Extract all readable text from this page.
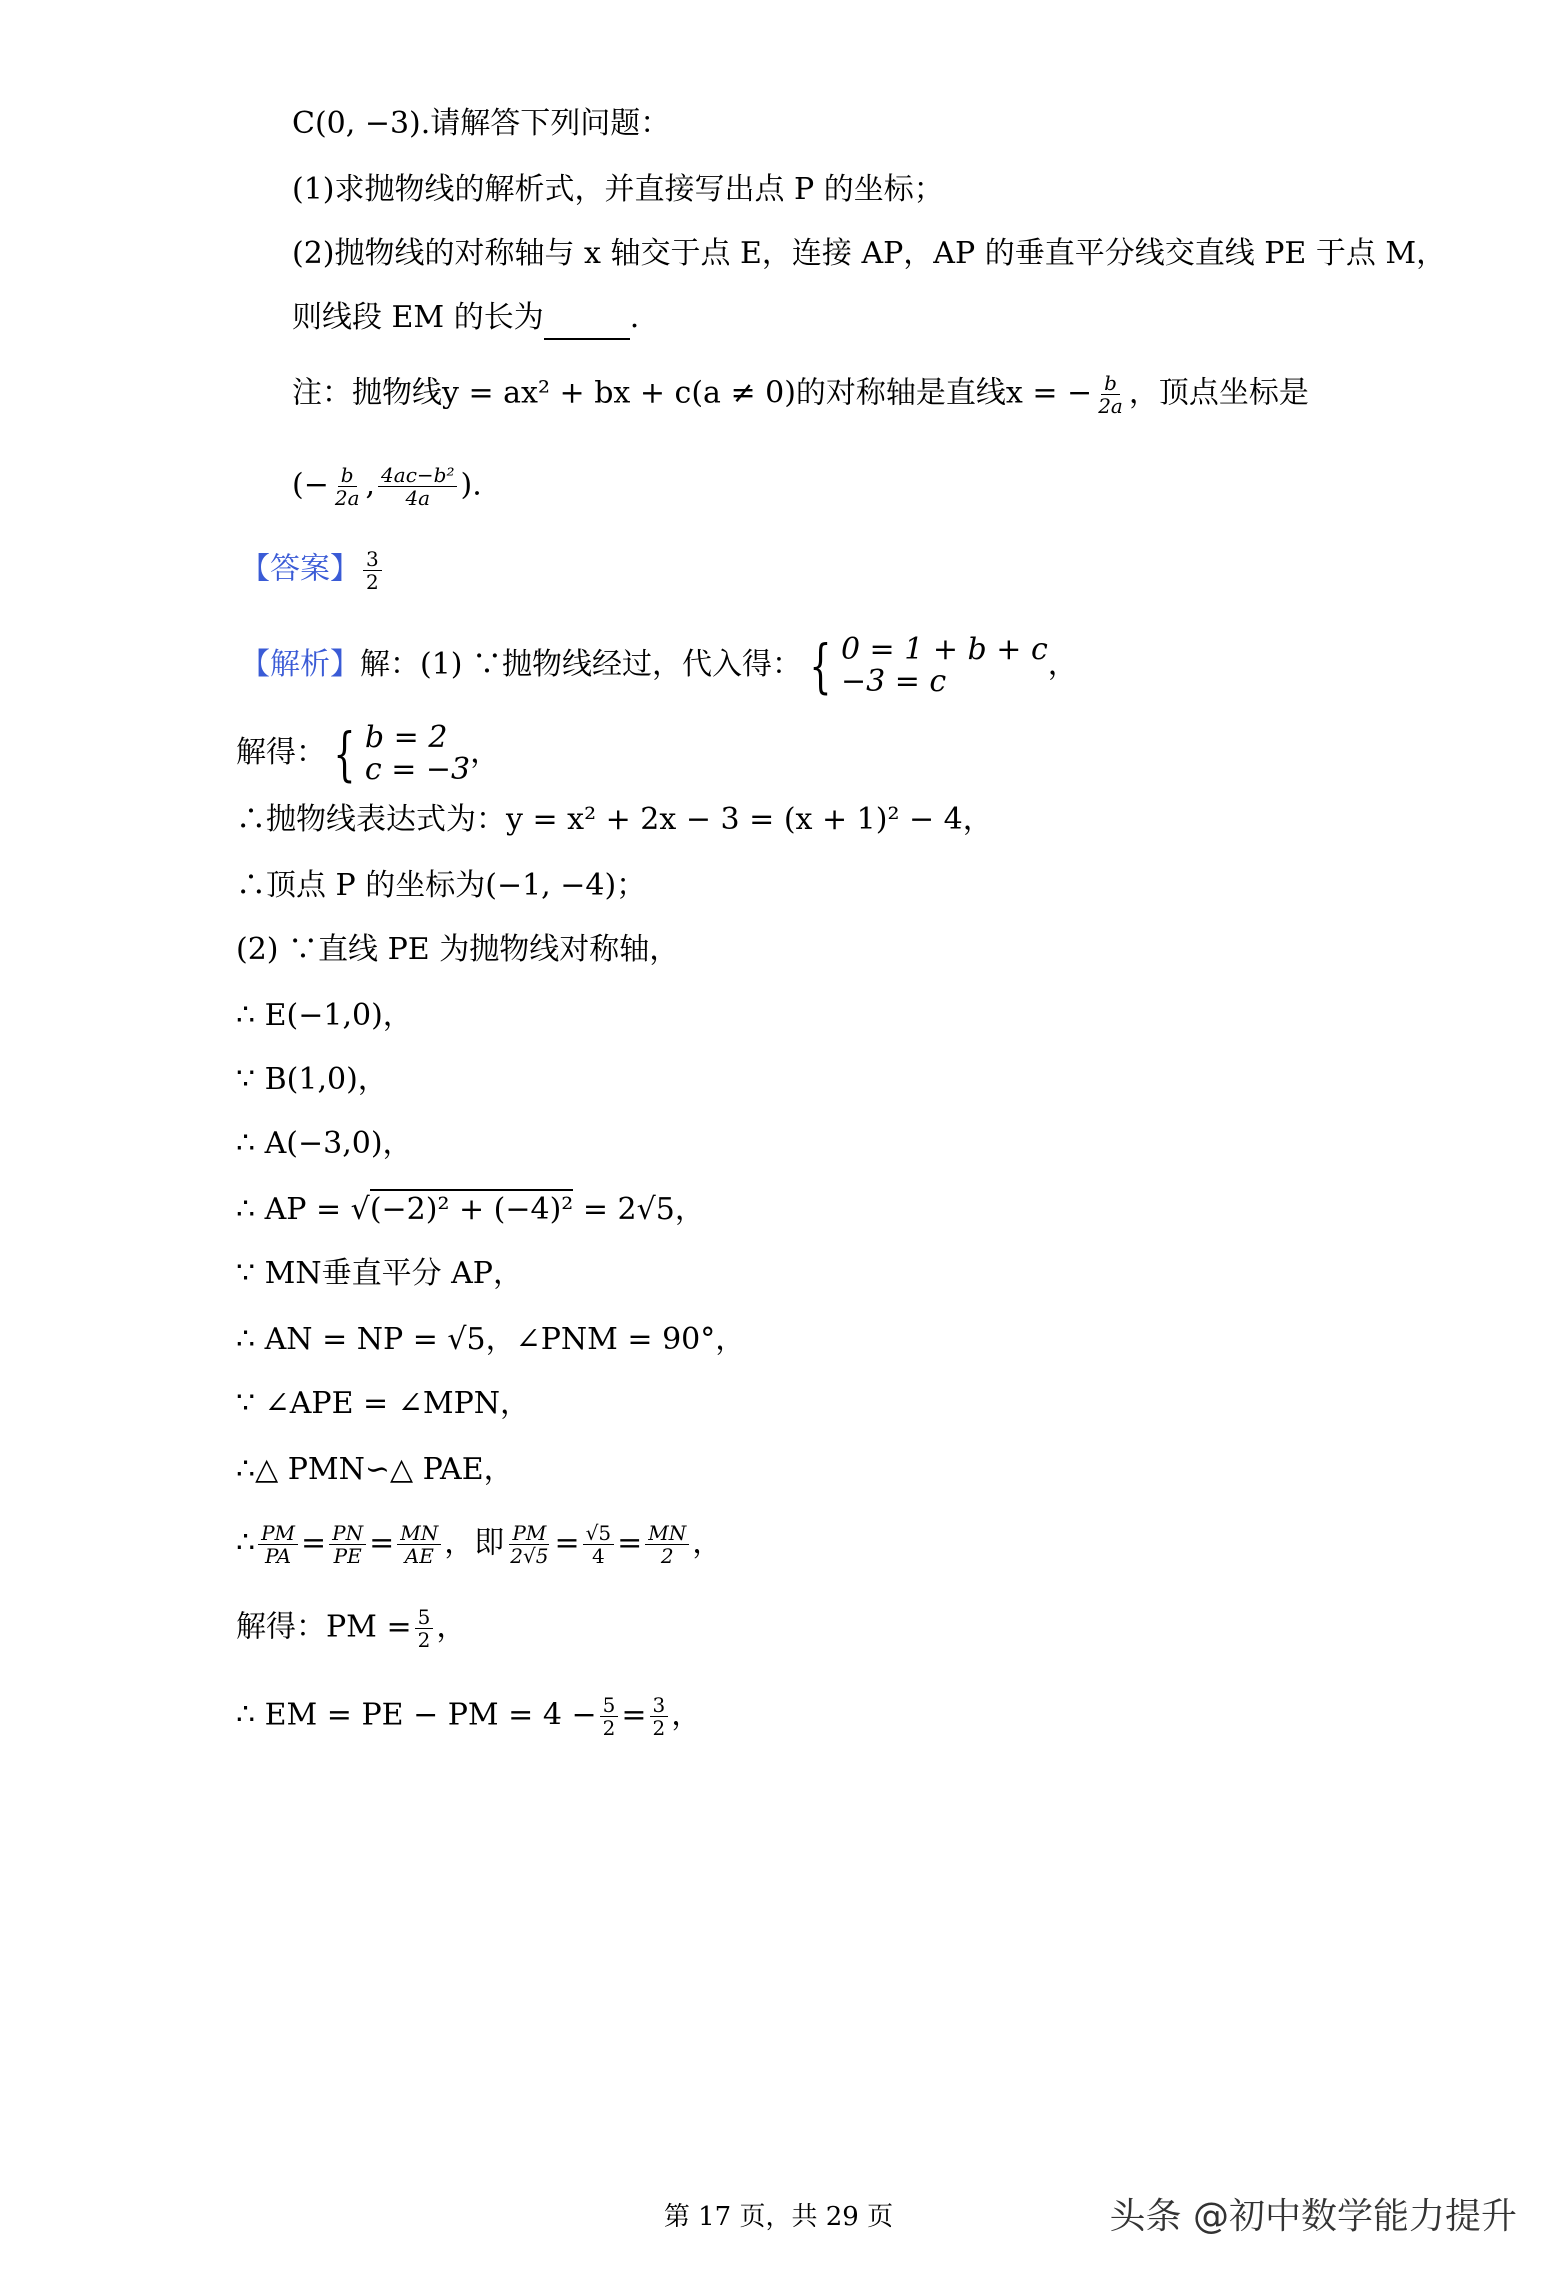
C(0, −3).请解答下列问题：
(1)求抛物线的解析式，并直接写出点 P 的坐标；
(2)抛物线的对称轴与 x 轴交于点 E，连接 AP，AP 的垂直平分线交直线 PE 于点 M，
则线段 EM 的长为	.
注：抛物线y = ax² + bx + c(a ≠ 0)的对称轴是直线x = − $\frac{b}{2a}$ ，顶点坐标是
(− $\frac{b}{2a}$ , $\frac{\text{4ac−b²}}{4a}$ ).
【答案】 $\frac{3}{2}$
【解析】解：(1) ∵抛物线经过，代入得： { 0 = 1 + b + c
−3 = c	，
解得： { b = 2
c = −3 ，
∴抛物线表达式为：y = x² + 2x − 3 = (x + 1)² − 4，
∴顶点 P 的坐标为(−1, −4)；
(2) ∵直线 PE 为抛物线对称轴，
∴ E(−1,0)，
∵ B(1,0)，
∴ A(−3,0)，
∴ AP = √(−2)² + (−4)² = 2√5，
∵ MN垂直平分 AP，
∴ AN = NP = √5，∠PNM = 90°，
∵ ∠APE = ∠MPN，
∴△ PMN∽△ PAE，
∴ $\frac{PM}{PA} = \frac{PN}{PE} = \frac{MN}{AE}$ ，即 $\frac{PM}{2√5} = \frac{√5}{4} = \frac{MN}{2}$ ，
解得：PM = $\frac{5}{2}$ ，
∴ EM = PE − PM = $4 - \frac{5}{2} = \frac{3}{2}$ ，
第 17 页，共 29 页	头条 @初中数学能力提升
